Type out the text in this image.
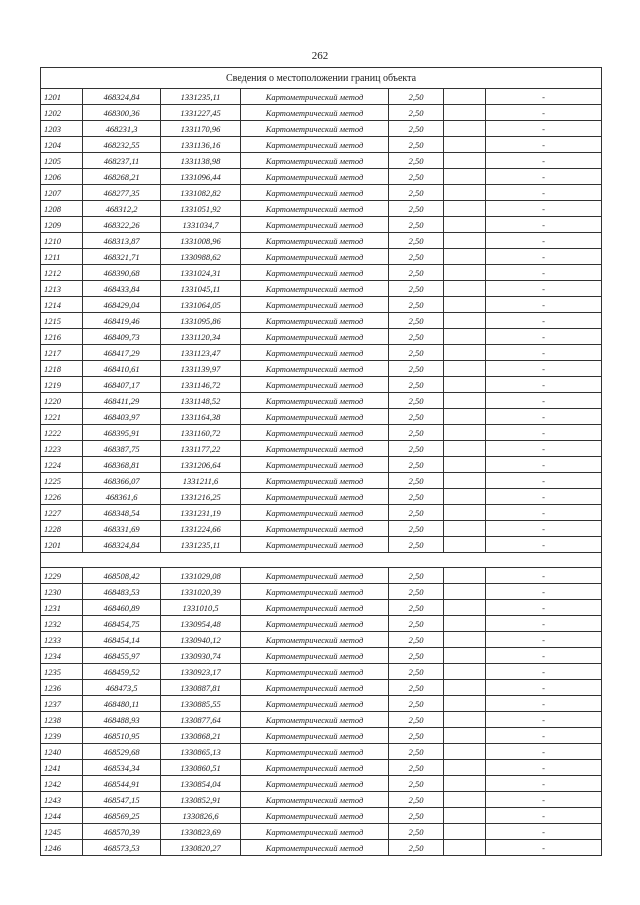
262
Сведения о местоположении границ объекта						
1201	468324,84	1331235,11	Картометрический метод	2,50		-
1202	468300,36	1331227,45	Картометрический метод	2,50		-
1203	468231,3	1331170,96	Картометрический метод	2,50		-
1204	468232,55	1331136,16	Картометрический метод	2,50		-
1205	468237,11	1331138,98	Картометрический метод	2,50		-
1206	468268,21	1331096,44	Картометрический метод	2,50		-
1207	468277,35	1331082,82	Картометрический метод	2,50		-
1208	468312,2	1331051,92	Картометрический метод	2,50		-
1209	468322,26	1331034,7	Картометрический метод	2,50		-
1210	468313,87	1331008,96	Картометрический метод	2,50		-
1211	468321,71	1330988,62	Картометрический метод	2,50		-
1212	468390,68	1331024,31	Картометрический метод	2,50		-
1213	468433,84	1331045,11	Картометрический метод	2,50		-
1214	468429,04	1331064,05	Картометрический метод	2,50		-
1215	468419,46	1331095,86	Картометрический метод	2,50		-
1216	468409,73	1331120,34	Картометрический метод	2,50		-
1217	468417,29	1331123,47	Картометрический метод	2,50		-
1218	468410,61	1331139,97	Картометрический метод	2,50		-
1219	468407,17	1331146,72	Картометрический метод	2,50		-
1220	468411,29	1331148,52	Картометрический метод	2,50		-
1221	468403,97	1331164,38	Картометрический метод	2,50		-
1222	468395,91	1331160,72	Картометрический метод	2,50		-
1223	468387,75	1331177,22	Картометрический метод	2,50		-
1224	468368,81	1331206,64	Картометрический метод	2,50		-
1225	468366,07	1331211,6	Картометрический метод	2,50		-
1226	468361,6	1331216,25	Картометрический метод	2,50		-
1227	468348,54	1331231,19	Картометрический метод	2,50		-
1228	468331,69	1331224,66	Картометрический метод	2,50		-
1201	468324,84	1331235,11	Картометрический метод	2,50		-

1229	468508,42	1331029,08	Картометрический метод	2,50		-
1230	468483,53	1331020,39	Картометрический метод	2,50		-
1231	468460,89	1331010,5	Картометрический метод	2,50		-
1232	468454,75	1330954,48	Картометрический метод	2,50		-
1233	468454,14	1330940,12	Картометрический метод	2,50		-
1234	468455,97	1330930,74	Картометрический метод	2,50		-
1235	468459,52	1330923,17	Картометрический метод	2,50		-
1236	468473,5	1330887,81	Картометрический метод	2,50		-
1237	468480,11	1330885,55	Картометрический метод	2,50		-
1238	468488,93	1330877,64	Картометрический метод	2,50		-
1239	468510,95	1330868,21	Картометрический метод	2,50		-
1240	468529,68	1330865,13	Картометрический метод	2,50		-
1241	468534,34	1330860,51	Картометрический метод	2,50		-
1242	468544,91	1330854,04	Картометрический метод	2,50		-
1243	468547,15	1330852,91	Картометрический метод	2,50		-
1244	468569,25	1330826,6	Картометрический метод	2,50		-
1245	468570,39	1330823,69	Картометрический метод	2,50		-
1246	468573,53	1330820,27	Картометрический метод	2,50		-
